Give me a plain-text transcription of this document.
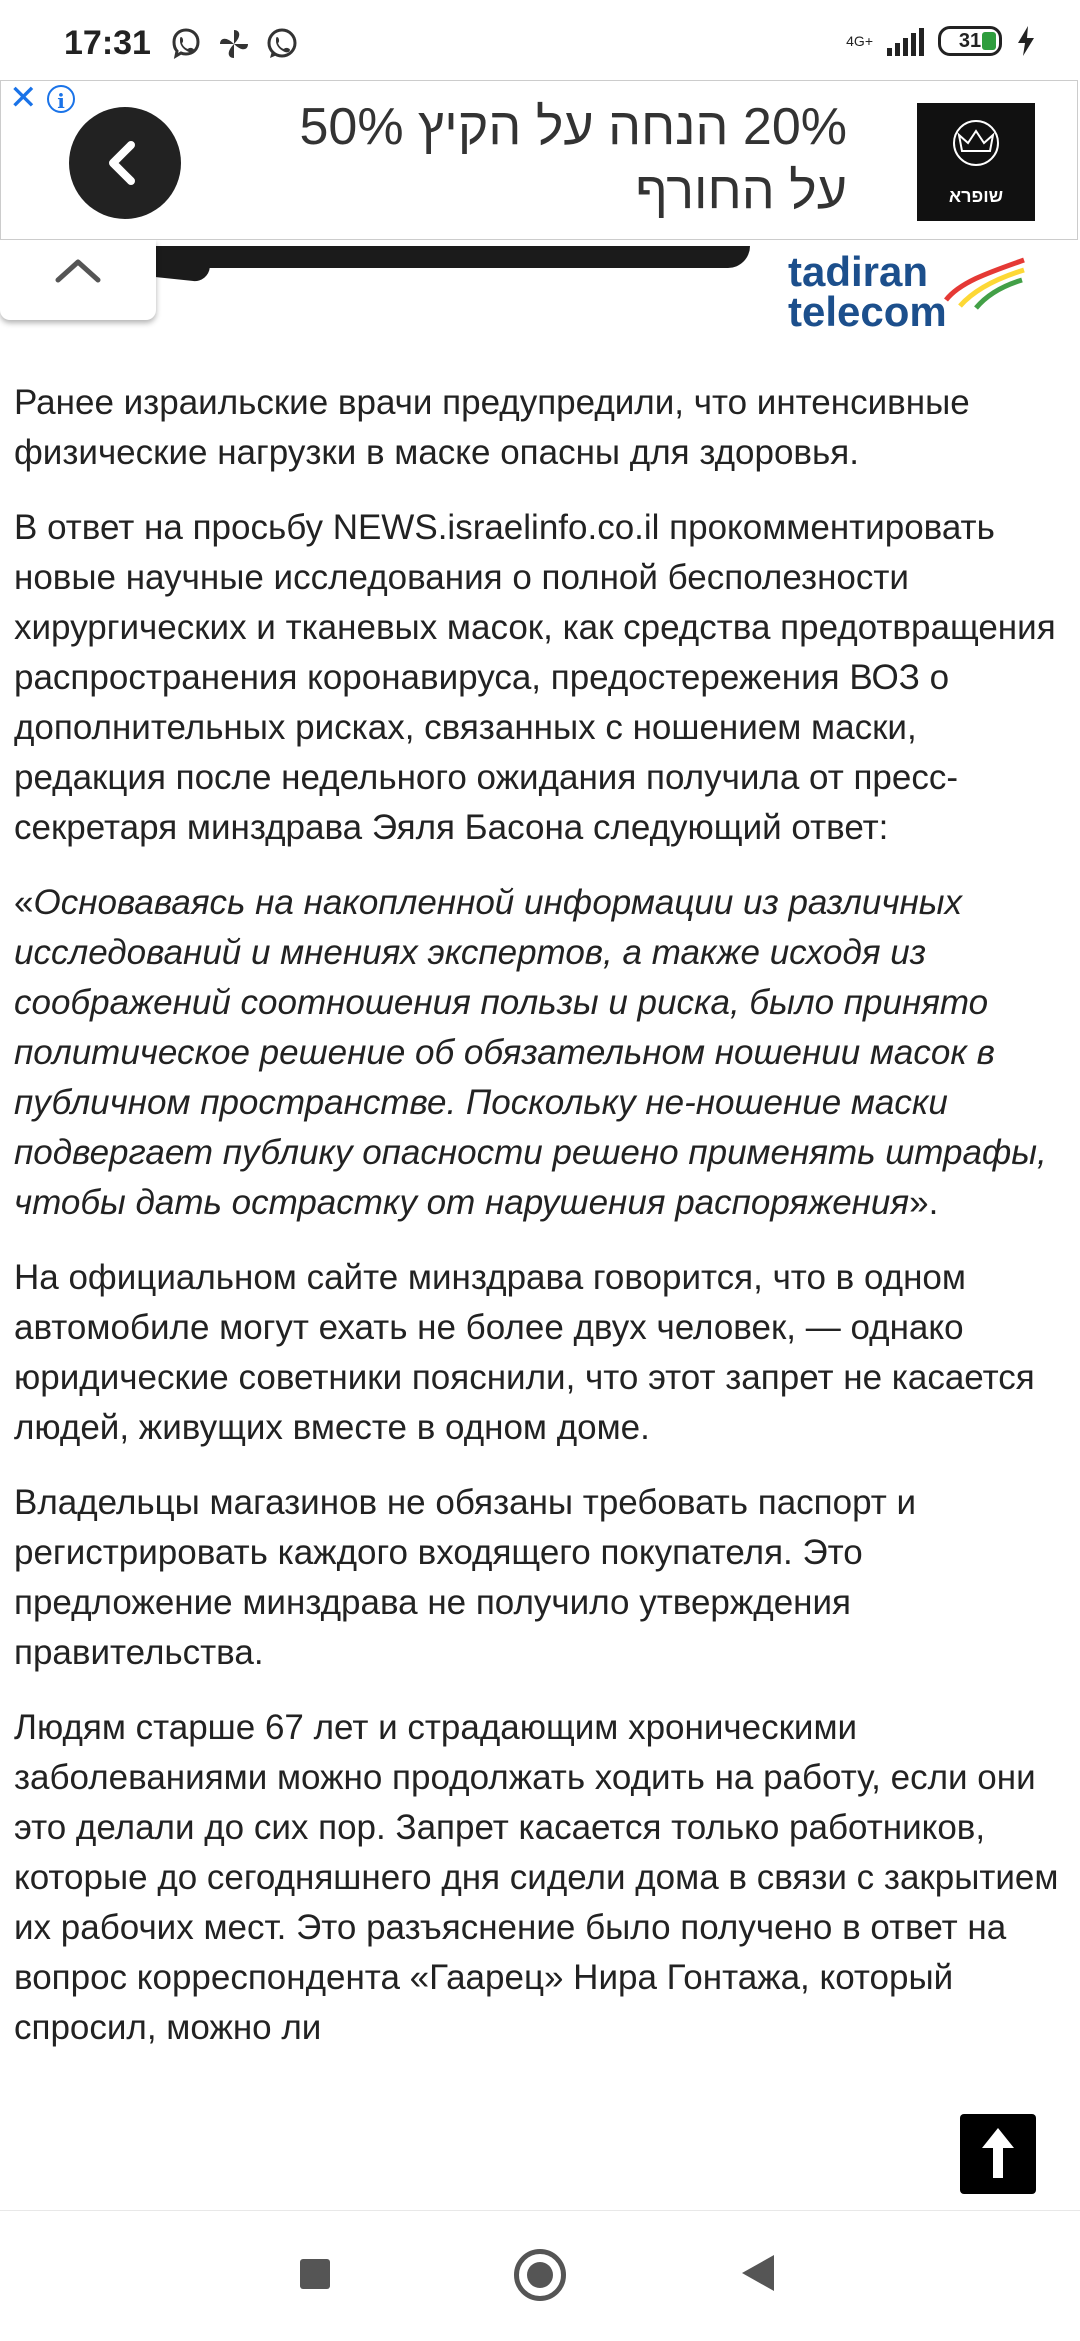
17:31	4G+	31
✕ i	20% הנחה על הקיץ 50% על החורף	שופרא
tadiran
telecom

Ранее израильские врачи предупредили, что интенсивные физические нагрузки в маске опасны для здоровья.

В ответ на просьбу NEWS.israelinfo.co.il прокомментировать новые научные исследования о полной бесполезности хирургических и тканевых масок, как средства предотвращения распространения коронавируса, предостережения ВОЗ о дополнительных рисках, связанных с ношением маски, редакция после недельного ожидания получила от пресс-секретаря минздрава Эяля Басона следующий ответ:

«Основаваясь на накопленной информации из различных исследований и мнениях экспертов, а также исходя из соображений соотношения пользы и риска, было принято политическое решение об обязательном ношении масок в публичном пространстве. Поскольку не-ношение маски подвергает публику опасности решено применять штрафы, чтобы дать острастку от нарушения распоряжения».

На официальном сайте минздрава говорится, что в одном автомобиле могут ехать не более двух человек, — однако юридические советники пояснили, что этот запрет не касается людей, живущих вместе в одном доме.

Владельцы магазинов не обязаны требовать паспорт и регистрировать каждого входящего покупателя. Это предложение минздрава не получило утверждения правительства.

Людям старше 67 лет и страдающим хроническими заболеваниями можно продолжать ходить на работу, если они это делали до сих пор. Запрет касается только работников, которые до сегодняшнего дня сидели дома в связи с закрытием их рабочих мест. Это разъяснение было получено в ответ на вопрос корреспондента «Гаарец» Нира Гонтажа, который спросил, можно ли
